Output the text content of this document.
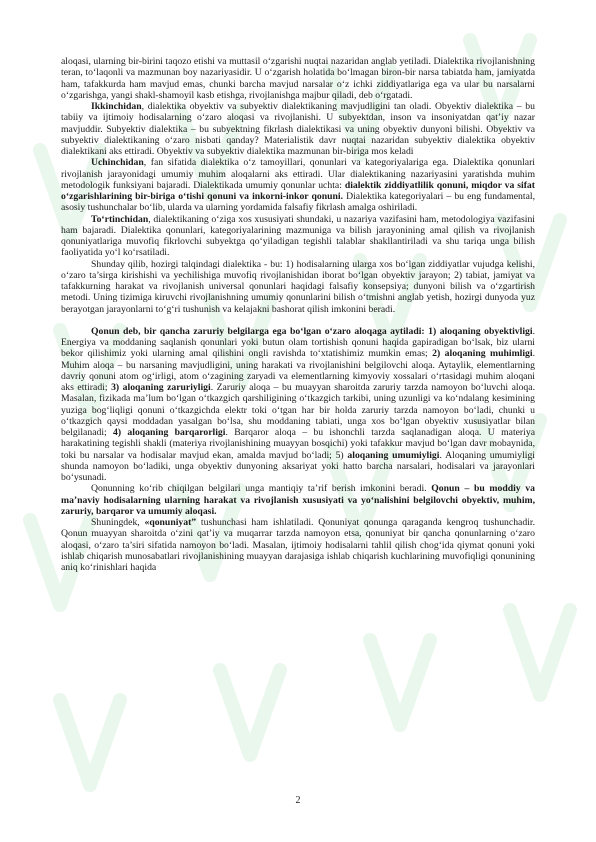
aloqasi, ularning bir-birini taqozo etishi va muttasil o‘zgarishi nuqtai nazaridan anglab yetiladi. Dialektika rivojlanishning teran, to‘laqonli va mazmunan boy nazariyasidir. U o‘zgarish holatida bo‘lmagan biron-bir narsa tabiatda ham, jamiyatda ham, tafakkurda ham mavjud emas, chunki barcha mavjud narsalar o‘z ichki ziddiyatlariga ega va ular bu narsalarni o‘zgarishga, yangi shakl-shamoyil kasb etishga, rivojlanishga majbur qiladi, deb o‘rgatadi.

Ikkinchidan, dialektika obyektiv va subyektiv dialektikaning mavjudligini tan oladi. Obyektiv dialektika – bu tabiiy va ijtimoiy hodisalarning o‘zaro aloqasi va rivojlanishi. U subyektdan, inson va insoniyatdan qat’iy nazar mavjuddir. Subyektiv dialektika – bu subyektning fikrlash dialektikasi va uning obyektiv dunyoni bilishi. Obyektiv va subyektiv dialektikaning o‘zaro nisbati qanday? Materialistik davr nuqtai nazaridan subyektiv dialektika obyektiv dialektikani aks ettiradi. Obyektiv va subyektiv dialektika mazmunan bir-biriga mos keladi

Uchinchidan, fan sifatida dialektika o‘z tamoyillari, qonunlari va kategoriyalariga ega. Dialektika qonunlari rivojlanish jarayonidagi umumiy muhim aloqalarni aks ettiradi. Ular dialektikaning nazariyasini yaratishda muhim metodologik funksiyani bajaradi. Dialektikada umumiy qonunlar uchta: dialektik ziddiyatlilik qonuni, miqdor va sifat o‘zgarishlarining bir-biriga o‘tishi qonuni va inkorni-inkor qonuni. Dialektika kategoriyalari – bu eng fundamental, asosiy tushunchalar bo‘lib, ularda va ularning yordamida falsafiy fikrlash amalga oshiriladi.

To‘rtinchidan, dialektikaning o‘ziga xos xususiyati shundaki, u nazariya vazifasini ham, metodologiya vazifasini ham bajaradi. Dialektika qonunlari, kategoriyalarining mazmuniga va bilish jarayonining amal qilish va rivojlanish qonuniyatlariga muvofiq fikrlovchi subyektga qo‘yiladigan tegishli talablar shakllantiriladi va shu tariqa unga bilish faoliyatida yo‘l ko‘rsatiladi.

Shunday qilib, hozirgi talqindagi dialektika - bu: 1) hodisalarning ularga xos bo‘lgan ziddiyatlar vujudga kelishi, o‘zaro ta’sirga kirishishi va yechilishiga muvofiq rivojlanishidan iborat bo‘lgan obyektiv jarayon; 2) tabiat, jamiyat va tafakkurning harakat va rivojlanish universal qonunlari haqidagi falsafiy konsepsiya; dunyoni bilish va o‘zgartirish metodi. Uning tizimiga kiruvchi rivojlanishning umumiy qonunlarini bilish o‘tmishni anglab yetish, hozirgi dunyoda yuz berayotgan jarayonlarni to‘g‘ri tushunish va kelajakni bashorat qilish imkonini beradi.

Qonun deb, bir qancha zaruriy belgilarga ega bo‘lgan o‘zaro aloqaga aytiladi: 1) aloqaning obyektivligi. Energiya va moddaning saqlanish qonunlari yoki butun olam tortishish qonuni haqida gapiradigan bo‘lsak, biz ularni bekor qilishimiz yoki ularning amal qilishini ongli ravishda to‘xtatishimiz mumkin emas; 2) aloqaning muhimligi. Muhim aloqa – bu narsaning mavjudligini, uning harakati va rivojlanishini belgilovchi aloqa. Aytaylik, elementlarning davriy qonuni atom og‘irligi, atom o‘zagining zaryadi va elementlarning kimyoviy xossalari o‘rtasidagi muhim aloqani aks ettiradi; 3) aloqaning zaruriyligi. Zaruriy aloqa – bu muayyan sharoitda zaruriy tarzda namoyon bo‘luvchi aloqa. Masalan, fizikada ma’lum bo‘lgan o‘tkazgich qarshiligining o‘tkazgich tarkibi, uning uzunligi va ko‘ndalang kesimining yuziga bog‘liqligi qonuni o‘tkazgichda elektr toki o‘tgan har bir holda zaruriy tarzda namoyon bo‘ladi, chunki u o‘tkazgich qaysi moddadan yasalgan bo‘lsa, shu moddaning tabiati, unga xos bo‘lgan obyektiv xususiyatlar bilan belgilanadi; 4) aloqaning barqarorligi. Barqaror aloqa – bu ishonchli tarzda saqlanadigan aloqa. U materiya harakatining tegishli shakli (materiya rivojlanishining muayyan bosqichi) yoki tafakkur mavjud bo‘lgan davr mobaynida, toki bu narsalar va hodisalar mavjud ekan, amalda mavjud bo‘ladi; 5) aloqaning umumiyligi. Aloqaning umumiyligi shunda namoyon bo‘ladiki, unga obyektiv dunyoning aksariyat yoki hatto barcha narsalari, hodisalari va jarayonlari bo‘ysunadi.

Qonunning ko‘rib chiqilgan belgilari unga mantiqiy ta’rif berish imkonini beradi. Qonun – bu moddiy va ma’naviy hodisalarning ularning harakat va rivojlanish xususiyati va yo‘nalishini belgilovchi obyektiv, muhim, zaruriy, barqaror va umumiy aloqasi.

Shuningdek, «qonuniyat” tushunchasi ham ishlatiladi. Qonuniyat qonunga qaraganda kengroq tushunchadir. Qonun muayyan sharoitda o‘zini qat’iy va muqarrar tarzda namoyon etsa, qonuniyat bir qancha qonunlarning o‘zaro aloqasi, o‘zaro ta’siri sifatida namoyon bo‘ladi. Masalan, ijtimoiy hodisalarni tahlil qilish chog‘ida qiymat qonuni yoki ishlab chiqarish munosabatlari rivojlanishining muayyan darajasiga ishlab chiqarish kuchlarining muvofiqligi qonunining aniq ko‘rinishlari haqida

2
